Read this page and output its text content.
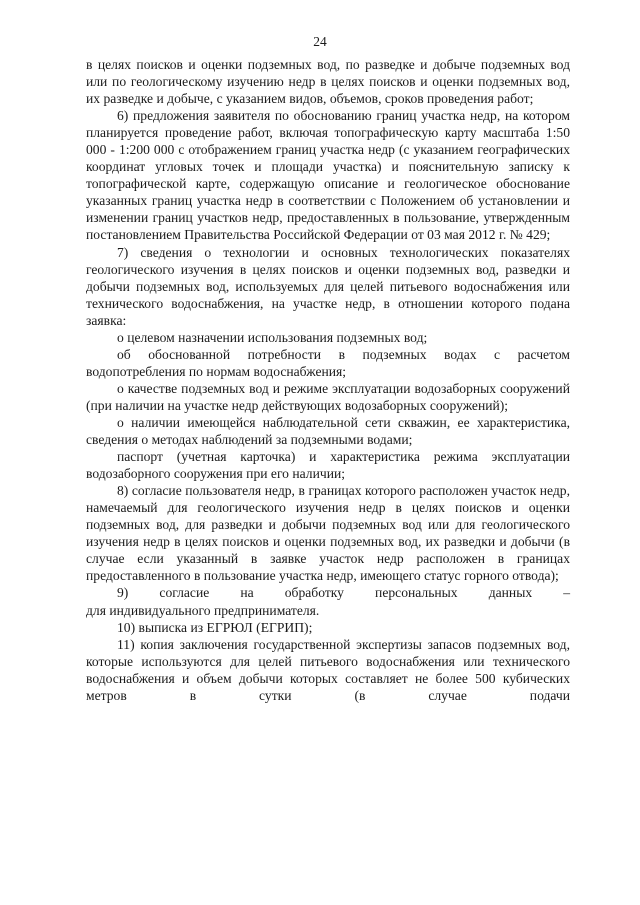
24

в целях поисков и оценки подземных вод, по разведке и добыче подземных вод или по геологическому изучению недр в целях поисков и оценки подземных вод, их разведке и добыче, с указанием видов, объемов, сроков проведения работ;

6) предложения заявителя по обоснованию границ участка недр, на котором планируется проведение работ, включая топографическую карту масштаба 1:50 000 - 1:200 000 с отображением границ участка недр (с указанием географических координат угловых точек и площади участка) и пояснительную записку к топографической карте, содержащую описание и геологическое обоснование указанных границ участка недр в соответствии с Положением об установлении и изменении границ участков недр, предоставленных в пользование, утвержденным постановлением Правительства Российской Федерации от 03 мая 2012 г. № 429;

7) сведения о технологии и основных технологических показателях геологического изучения в целях поисков и оценки подземных вод, разведки и добычи подземных вод, используемых для целей питьевого водоснабжения или технического водоснабжения, на участке недр, в отношении которого подана заявка:

о целевом назначении использования подземных вод;

об обоснованной потребности в подземных водах с расчетом водопотребления по нормам водоснабжения;

о качестве подземных вод и режиме эксплуатации водозаборных сооружений (при наличии на участке недр действующих водозаборных сооружений);

о наличии имеющейся наблюдательной сети скважин, ее характеристика, сведения о методах наблюдений за подземными водами;

паспорт (учетная карточка) и характеристика режима эксплуатации водозаборного сооружения при его наличии;

8) согласие пользователя недр, в границах которого расположен участок недр, намечаемый для геологического изучения недр в целях поисков и оценки подземных вод, для разведки и добычи подземных вод или для геологического изучения недр в целях поисков и оценки подземных вод, их разведки и добычи (в случае если указанный в заявке участок недр расположен в границах предоставленного в пользование участка недр, имеющего статус горного отвода);

9) согласие на обработку персональных данных –

для индивидуального предпринимателя.

10) выписка из ЕГРЮЛ (ЕГРИП);

11) копия заключения государственной экспертизы запасов подземных вод, которые используются для целей питьевого водоснабжения или технического водоснабжения и объем добычи которых составляет не более 500 кубических метров в сутки (в случае подачи
